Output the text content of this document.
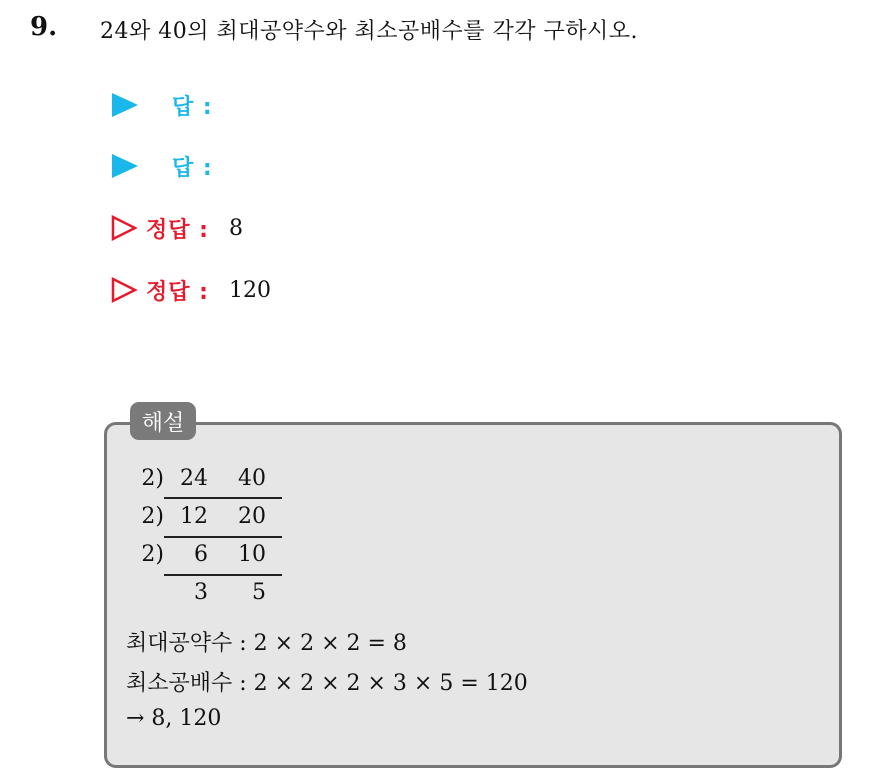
9. 24와 40의 최대공약수와 최소공배수를 각각 구하시오.
답 :
답 :
정답 : 8
정답 : 120
해설
2) 24	40
2) 12	20
2)	6	10
3	5
최대공약수 : 2 × 2 × 2 = 8
최소공배수 : 2 × 2 × 2 × 3 × 5 = 120
→ 8, 120
